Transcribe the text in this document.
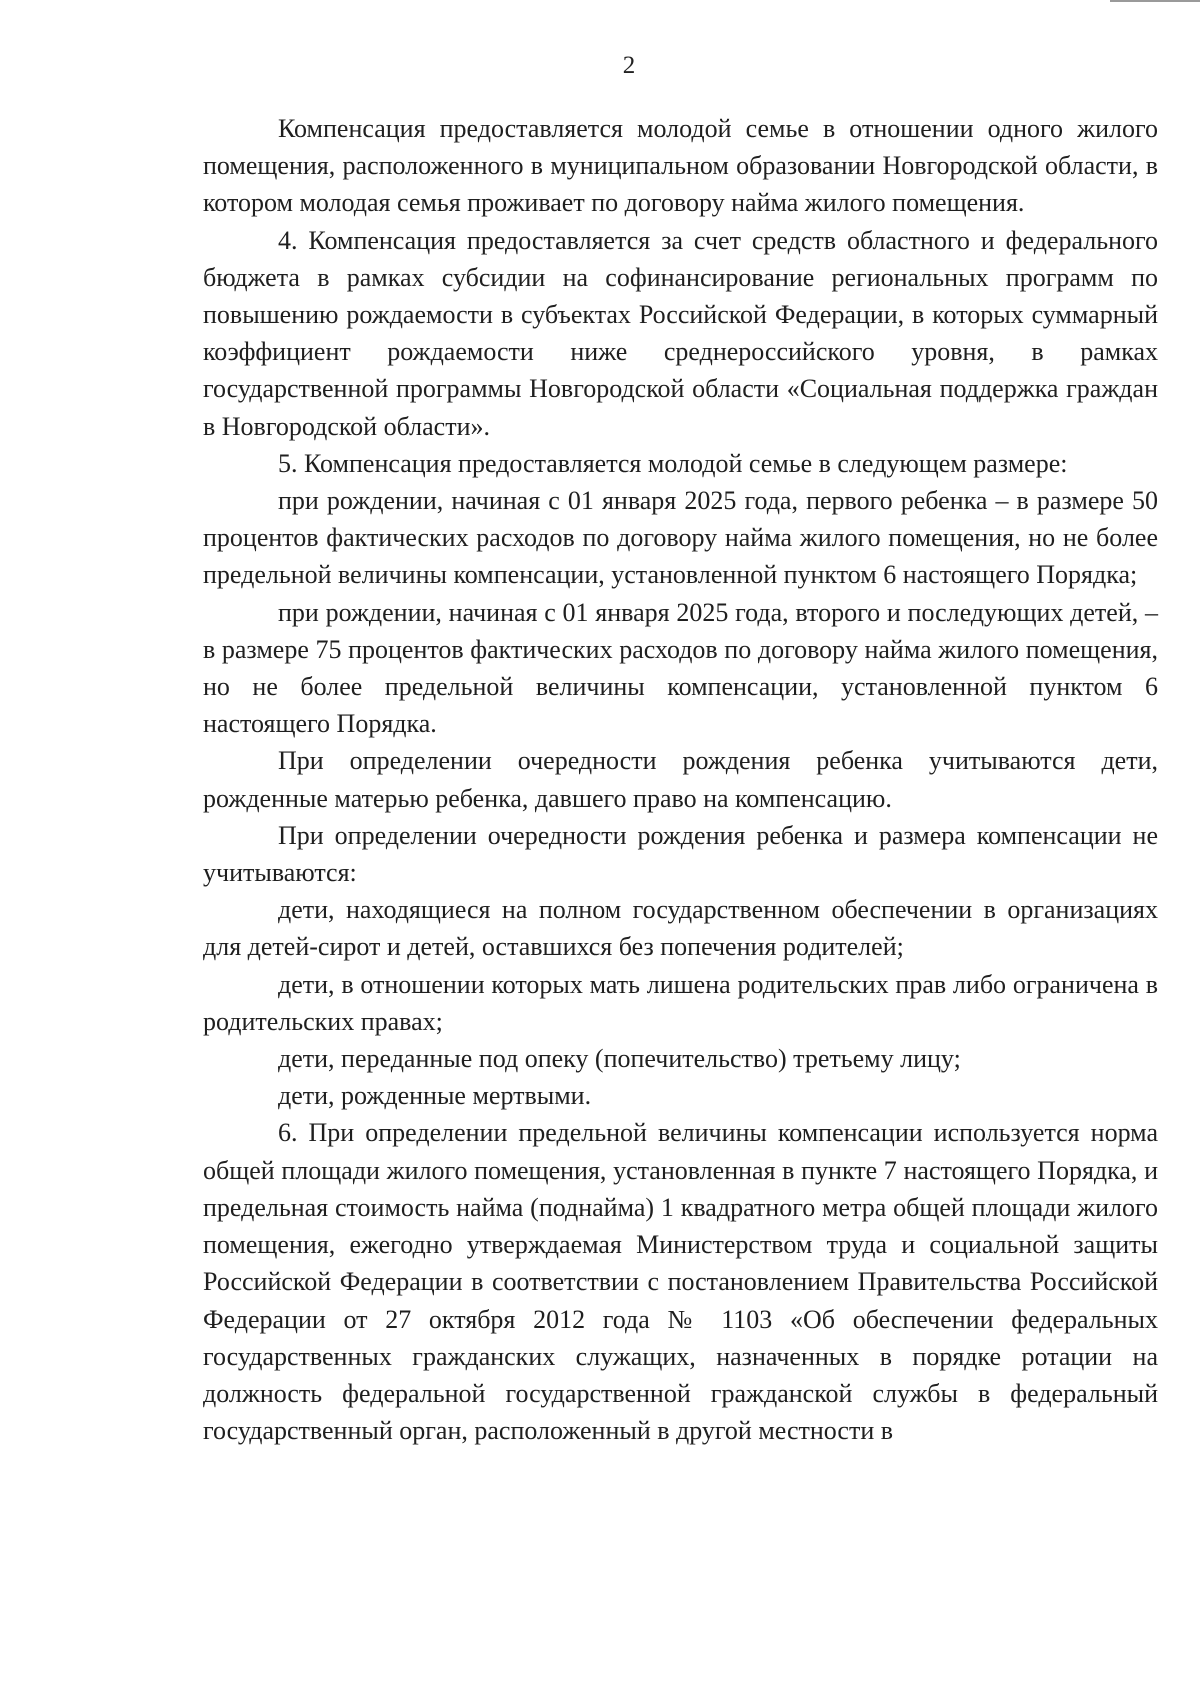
2

Компенсация предоставляется молодой семье в отношении одного жилого помещения, расположенного в муниципальном образовании Новгородской области, в котором молодая семья проживает по договору найма жилого помещения.

4. Компенсация предоставляется за счет средств областного и федерального бюджета в рамках субсидии на софинансирование региональных программ по повышению рождаемости в субъектах Российской Федерации, в которых суммарный коэффициент рождаемости ниже среднероссийского уровня, в рамках государственной программы Новгородской области «Социальная поддержка граждан в Новгородской области».

5. Компенсация предоставляется молодой семье в следующем размере:

при рождении, начиная с 01 января 2025 года, первого ребенка – в размере 50 процентов фактических расходов по договору найма жилого помещения, но не более предельной величины компенсации, установленной пунктом 6 настоящего Порядка;

при рождении, начиная с 01 января 2025 года, второго и последующих детей, – в размере 75 процентов фактических расходов по договору найма жилого помещения, но не более предельной величины компенсации, установленной пунктом 6 настоящего Порядка.

При определении очередности рождения ребенка учитываются дети, рожденные матерью ребенка, давшего право на компенсацию.

При определении очередности рождения ребенка и размера компенсации не учитываются:

дети, находящиеся на полном государственном обеспечении в организациях для детей-сирот и детей, оставшихся без попечения родителей;

дети, в отношении которых мать лишена родительских прав либо ограничена в родительских правах;

дети, переданные под опеку (попечительство) третьему лицу;

дети, рожденные мертвыми.

6. При определении предельной величины компенсации используется норма общей площади жилого помещения, установленная в пункте 7 настоящего Порядка, и предельная стоимость найма (поднайма) 1 квадратного метра общей площади жилого помещения, ежегодно утверждаемая Министерством труда и социальной защиты Российской Федерации в соответствии с постановлением Правительства Российской Федерации от 27 октября 2012 года № 1103 «Об обеспечении федеральных государственных гражданских служащих, назначенных в порядке ротации на должность федеральной государственной гражданской службы в федеральный государственный орган, расположенный в другой местности в
